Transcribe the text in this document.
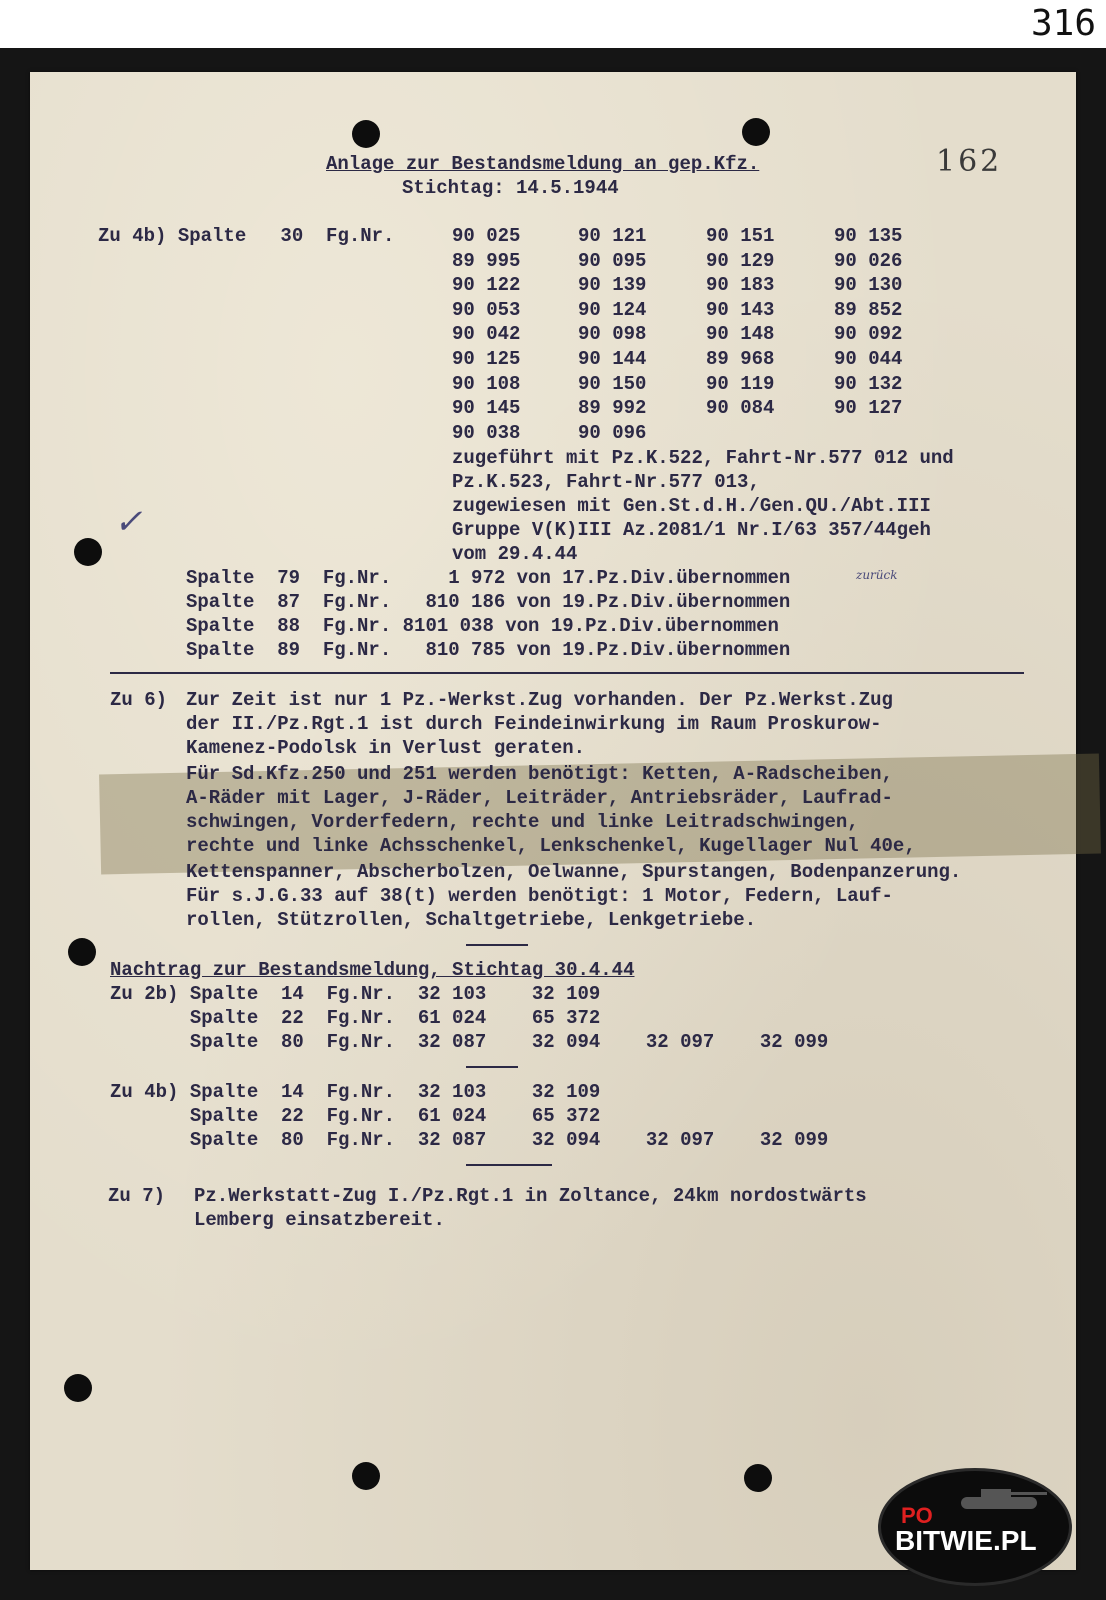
316
162
Anlage zur Bestandsmeldung an gep.Kfz.
Stichtag: 14.5.1944
Zu 4b) Spalte   30  Fg.Nr.	90 025	90 121	90 151	90 135
89 995	90 095	90 129	90 026
90 122	90 139	90 183	90 130
90 053	90 124	90 143	89 852
90 042	90 098	90 148	90 092
90 125	90 144	89 968	90 044
90 108	90 150	90 119	90 132
90 145	89 992	90 084	90 127
90 038	90 096
zugeführt mit Pz.K.522, Fahrt-Nr.577 012 und
Pz.K.523, Fahrt-Nr.577 013,
zugewiesen mit Gen.St.d.H./Gen.QU./Abt.III
Gruppe V(K)III Az.2081/1 Nr.I/63 357/44geh
vom 29.4.44
✓
Spalte  79  Fg.Nr.     1 972 von 17.Pz.Div.übernommen	zurück
Spalte  87  Fg.Nr.   810 186 von 19.Pz.Div.übernommen
Spalte  88  Fg.Nr. 8101 038 von 19.Pz.Div.übernommen
Spalte  89  Fg.Nr.   810 785 von 19.Pz.Div.übernommen
Zu 6) Zur Zeit ist nur 1 Pz.-Werkst.Zug vorhanden. Der Pz.Werkst.Zug
der II./Pz.Rgt.1 ist durch Feindeinwirkung im Raum Proskurow-
Kamenez-Podolsk in Verlust geraten.
Für Sd.Kfz.250 und 251 werden benötigt: Ketten, A-Radscheiben,
A-Räder mit Lager, J-Räder, Leiträder, Antriebsräder, Laufrad-
schwingen, Vorderfedern, rechte und linke Leitradschwingen,
rechte und linke Achsschenkel, Lenkschenkel, Kugellager Nul 40e,
Kettenspanner, Abscherbolzen, Oelwanne, Spurstangen, Bodenpanzerung.
Für s.J.G.33 auf 38(t) werden benötigt: 1 Motor, Federn, Lauf-
rollen, Stützrollen, Schaltgetriebe, Lenkgetriebe.
Nachtrag zur Bestandsmeldung, Stichtag 30.4.44
Zu 2b) Spalte  14  Fg.Nr.  32 103    32 109
Spalte  22  Fg.Nr.  61 024    65 372
Spalte  80  Fg.Nr.  32 087    32 094    32 097    32 099
Zu 4b) Spalte  14  Fg.Nr.  32 103    32 109
Spalte  22  Fg.Nr.  61 024    65 372
Spalte  80  Fg.Nr.  32 087    32 094    32 097    32 099
Zu 7) Pz.Werkstatt-Zug I./Pz.Rgt.1 in Zoltance, 24km nordostwärts
Lemberg einsatzbereit.
PO
BITWIE.PL
